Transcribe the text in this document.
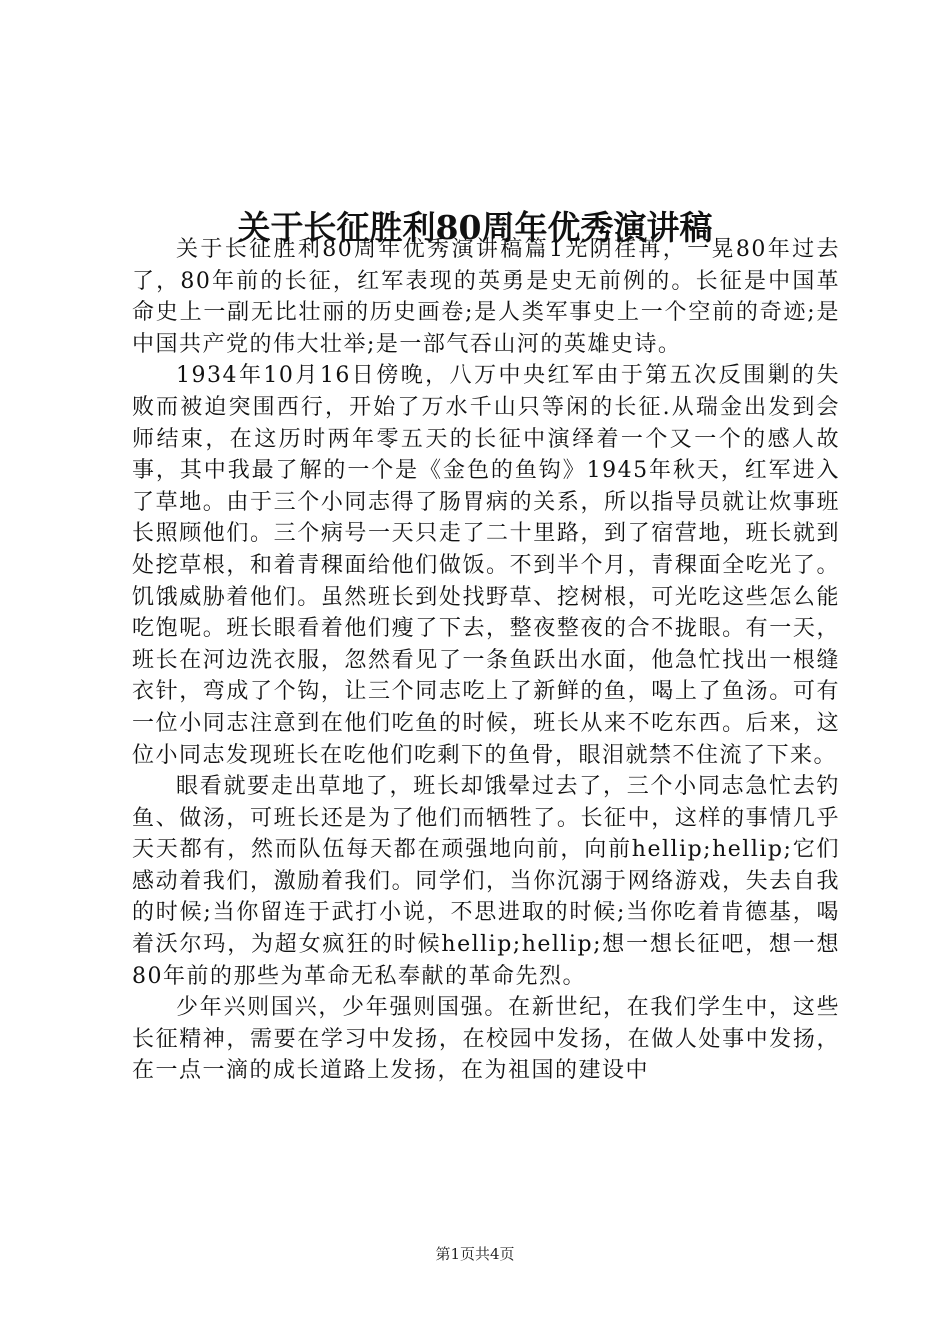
关于长征胜利80周年优秀演讲稿

关于长征胜利80周年优秀演讲稿篇1光阴荏苒，一晃80年过去了，80年前的长征，红军表现的英勇是史无前例的。长征是中国革命史上一副无比壮丽的历史画卷;是人类军事史上一个空前的奇迹;是中国共产党的伟大壮举;是一部气吞山河的英雄史诗。

1934年10月16日傍晚，八万中央红军由于第五次反围剿的失败而被迫突围西行，开始了万水千山只等闲的长征.从瑞金出发到会师结束，在这历时两年零五天的长征中演绎着一个又一个的感人故事，其中我最了解的一个是《金色的鱼钩》1945年秋天，红军进入了草地。由于三个小同志得了肠胃病的关系，所以指导员就让炊事班长照顾他们。三个病号一天只走了二十里路，到了宿营地，班长就到处挖草根，和着青稞面给他们做饭。不到半个月，青稞面全吃光了。饥饿威胁着他们。虽然班长到处找野草、挖树根，可光吃这些怎么能吃饱呢。班长眼看着他们瘦了下去，整夜整夜的合不拢眼。有一天，班长在河边洗衣服，忽然看见了一条鱼跃出水面，他急忙找出一根缝衣针，弯成了个钩，让三个同志吃上了新鲜的鱼，喝上了鱼汤。可有一位小同志注意到在他们吃鱼的时候，班长从来不吃东西。后来，这位小同志发现班长在吃他们吃剩下的鱼骨，眼泪就禁不住流了下来。

眼看就要走出草地了，班长却饿晕过去了，三个小同志急忙去钓鱼、做汤，可班长还是为了他们而牺牲了。长征中，这样的事情几乎天天都有，然而队伍每天都在顽强地向前，向前hellip;hellip;它们感动着我们，激励着我们。同学们，当你沉溺于网络游戏，失去自我的时候;当你留连于武打小说，不思进取的时候;当你吃着肯德基，喝着沃尔玛，为超女疯狂的时候hellip;hellip;想一想长征吧，想一想80年前的那些为革命无私奉献的革命先烈。

少年兴则国兴，少年强则国强。在新世纪，在我们学生中，这些长征精神，需要在学习中发扬，在校园中发扬，在做人处事中发扬，在一点一滴的成长道路上发扬，在为祖国的建设中

第1页共4页
